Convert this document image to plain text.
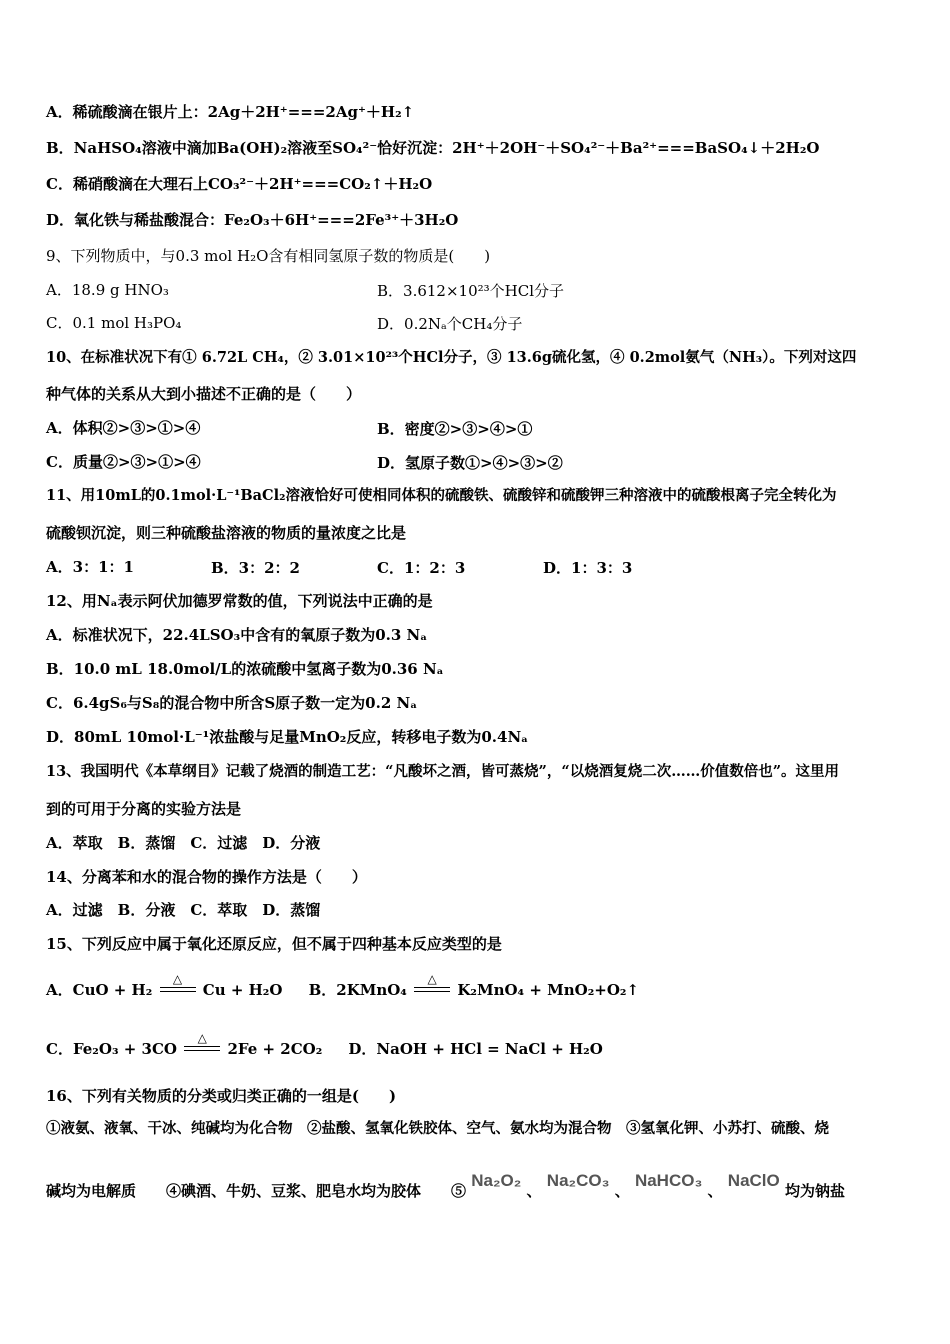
A．稀硫酸滴在银片上：2Ag＋2H⁺===2Ag⁺＋H₂↑
B．NaHSO₄溶液中滴加Ba(OH)₂溶液至SO₄²⁻恰好沉淀：2H⁺＋2OH⁻＋SO₄²⁻＋Ba²⁺===BaSO₄↓＋2H₂O
C．稀硝酸滴在大理石上CO₃²⁻＋2H⁺===CO₂↑＋H₂O
D．氧化铁与稀盐酸混合：Fe₂O₃＋6H⁺===2Fe³⁺＋3H₂O
9、下列物质中，与0.3 mol H₂O含有相同氢原子数的物质是(　　)
A．18.9 g HNO₃	B．3.612×10²³个HCl分子
C．0.1 mol H₃PO₄	D．0.2Nₐ个CH₄分子
10、在标准状况下有① 6.72L CH₄，② 3.01×10²³个HCl分子，③ 13.6g硫化氢，④ 0.2mol氨气（NH₃）。下列对这四
种气体的关系从大到小描述不正确的是（　　）
A．体积②>③>①>④	B．密度②>③>④>①
C．质量②>③>①>④	D．氢原子数①>④>③>②
11、用10mL的0.1mol·L⁻¹BaCl₂溶液恰好可使相同体积的硫酸铁、硫酸锌和硫酸钾三种溶液中的硫酸根离子完全转化为
硫酸钡沉淀，则三种硫酸盐溶液的物质的量浓度之比是
A．3：1：1	B．3：2：2	C．1：2：3	D．1：3：3
12、用Nₐ表示阿伏加德罗常数的值，下列说法中正确的是
A．标准状况下，22.4LSO₃中含有的氧原子数为0.3 Nₐ
B．10.0 mL 18.0mol/L的浓硫酸中氢离子数为0.36 Nₐ
C．6.4gS₆与S₈的混合物中所含S原子数一定为0.2 Nₐ
D．80mL 10mol·L⁻¹浓盐酸与足量MnO₂反应，转移电子数为0.4Nₐ
13、我国明代《本草纲目》记载了烧酒的制造工艺：“凡酸坏之酒，皆可蒸烧”，“以烧酒复烧二次……价值数倍也”。这里用
到的可用于分离的实验方法是
A．萃取　B．蒸馏　C．过滤　D．分液
14、分离苯和水的混合物的操作方法是（　　）
A．过滤　B．分液　C．萃取　D．蒸馏
15、下列反应中属于氧化还原反应，但不属于四种基本反应类型的是
A．CuO + H₂
△
Cu + H₂O B．2KMnO₄
△
K₂MnO₄ + MnO₂+O₂↑
C．Fe₂O₃ + 3CO
△
2Fe + 2CO₂ D．NaOH + HCl = NaCl + H₂O
16、下列有关物质的分类或归类正确的一组是(　　)
①液氨、液氧、干冰、纯碱均为化合物　②盐酸、氢氧化铁胶体、空气、氨水均为混合物　③氢氧化钾、小苏打、硫酸、烧
碱均为电解质　　④碘酒、牛奶、豆浆、肥皂水均为胶体　　⑤ Na₂O₂ 、 Na₂CO₃ 、 NaHCO₃ 、 NaClO 均为钠盐
